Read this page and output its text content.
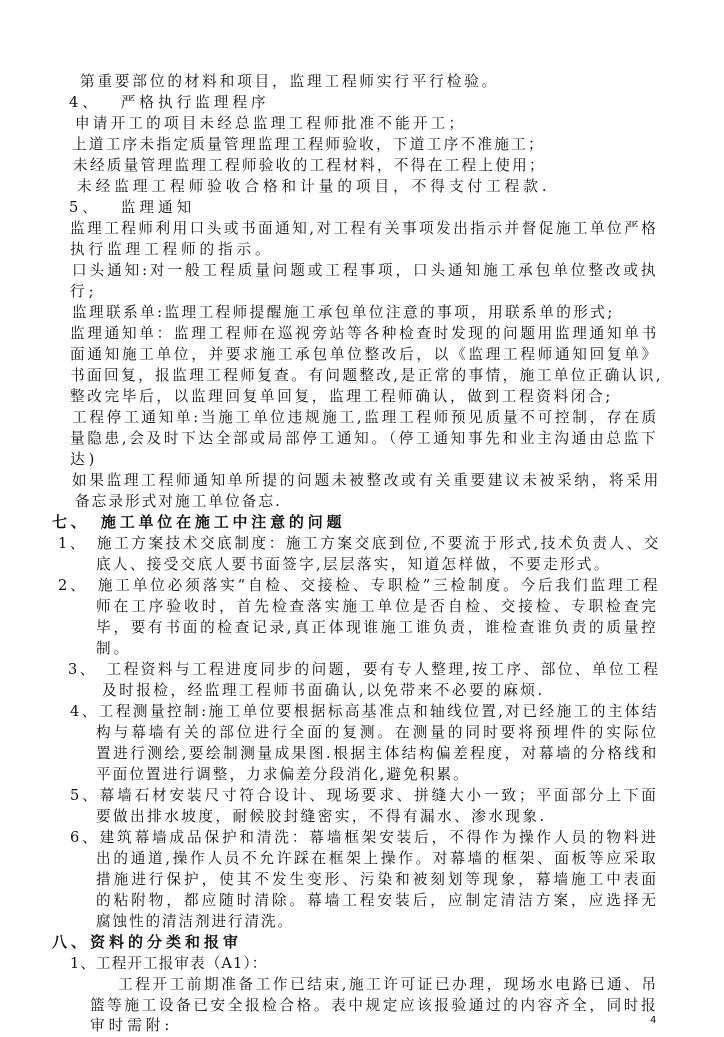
第重要部位的材料和项目，监理工程师实行平行检验。
4、　 严格执行监理程序
申请开工的项目未经总监理工程师批准不能开工；
上道工序未指定质量管理监理工程师验收，下道工序不准施工；
未经质量管理监理工程师验收的工程材料，不得在工程上使用；
未经监理工程师验收合格和计量的项目，不得支付工程款.
5、　 监理通知
监理工程师利用口头或书面通知,对工程有关事项发出指示并督促施工单位严格
执行监理工程师的指示。
口头通知:对一般工程质量问题或工程事项，口头通知施工承包单位整改或执
行;
监理联系单:监理工程师提醒施工承包单位注意的事项，用联系单的形式;
监理通知单：监理工程师在巡视旁站等各种检查时发现的问题用监理通知单书
面通知施工单位，并要求施工承包单位整改后，以《监理工程师通知回复单》
书面回复，报监理工程师复查。有问题整改,是正常的事情，施工单位正确认识,
整改完毕后，以监理回复单回复，监理工程师确认，做到工程资料闭合;
工程停工通知单:当施工单位违规施工,监理工程师预见质量不可控制，存在质
量隐患,会及时下达全部或局部停工通知。（停工通知事先和业主沟通由总监下
达)
如果监理工程师通知单所提的问题未被整改或有关重要建议未被采纳，将采用
备忘录形式对施工单位备忘.
七、　施工单位在施工中注意的问题
1、　施工方案技术交底制度：施工方案交底到位,不要流于形式,技术负责人、交
底人、接受交底人要书面签字,层层落实，知道怎样做，不要走形式。
2、　施工单位必须落实“自检、交接检、专职检”三检制度。今后我们监理工程
师在工序验收时，首先检查落实施工单位是否自检、交接检、专职检查完
毕，要有书面的检查记录,真正体现谁施工谁负责，谁检查谁负责的质量控
制。
3、　工程资料与工程进度同步的问题，要有专人整理,按工序、部位、单位工程
及时报检，经监理工程师书面确认,以免带来不必要的麻烦.
4、工程测量控制:施工单位要根据标高基准点和轴线位置,对已经施工的主体结
构与幕墙有关的部位进行全面的复测。在测量的同时要将预埋件的实际位
置进行测绘,要绘制测量成果图.根据主体结构偏差程度，对幕墙的分格线和
平面位置进行调整，力求偏差分段消化,避免积累。
5、幕墙石材安装尺寸符合设计、现场要求、拼缝大小一致；平面部分上下面
要做出排水坡度，耐候胶封缝密实，不得有漏水、渗水现象.
6、建筑幕墙成品保护和清洗：幕墙框架安装后，不得作为操作人员的物料进
出的通道,操作人员不允许踩在框架上操作。对幕墙的框架、面板等应采取
措施进行保护，使其不发生变形、污染和被刻划等现象，幕墙施工中表面
的粘附物，都应随时清除。幕墙工程安装后，应制定清洁方案，应选择无
腐蚀性的清洁剂进行清洗。
八、资料的分类和报审
1、工程开工报审表（A1）：
工程开工前期准备工作已结束,施工许可证已办理，现场水电路已通、吊
篮等施工设备已安全报检合格。表中规定应该报验通过的内容齐全，同时报
审时需附:	4
